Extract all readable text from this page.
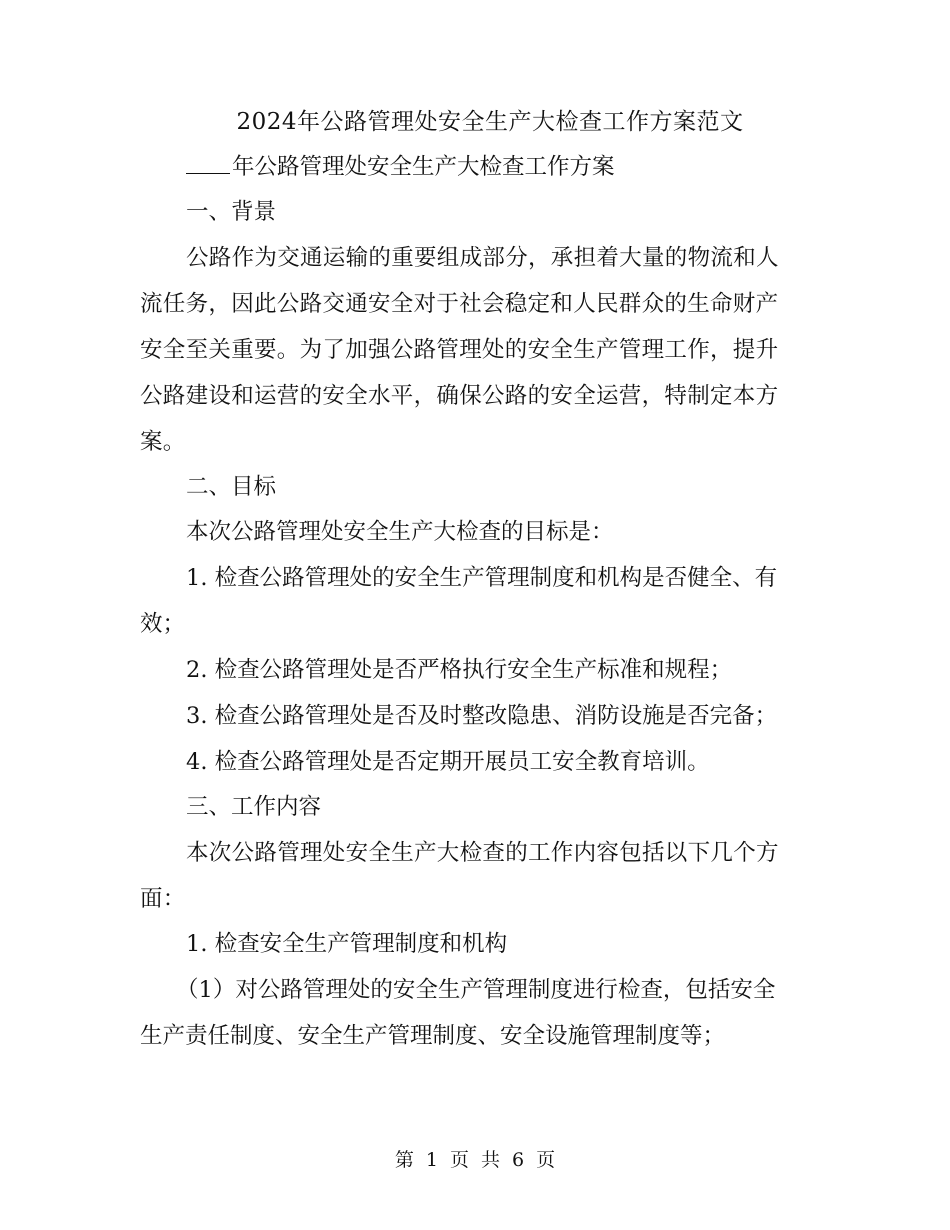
2024年公路管理处安全生产大检查工作方案范文

年公路管理处安全生产大检查工作方案

一、背景

公路作为交通运输的重要组成部分，承担着大量的物流和人
流任务，因此公路交通安全对于社会稳定和人民群众的生命财产
安全至关重要。为了加强公路管理处的安全生产管理工作，提升
公路建设和运营的安全水平，确保公路的安全运营，特制定本方
案。

二、目标

本次公路管理处安全生产大检查的目标是：

1. 检查公路管理处的安全生产管理制度和机构是否健全、有
效；

2. 检查公路管理处是否严格执行安全生产标准和规程；

3. 检查公路管理处是否及时整改隐患、消防设施是否完备；

4. 检查公路管理处是否定期开展员工安全教育培训。

三、工作内容

本次公路管理处安全生产大检查的工作内容包括以下几个方
面：

1. 检查安全生产管理制度和机构

（1）对公路管理处的安全生产管理制度进行检查，包括安全
生产责任制度、安全生产管理制度、安全设施管理制度等；

第 1 页 共 6 页
